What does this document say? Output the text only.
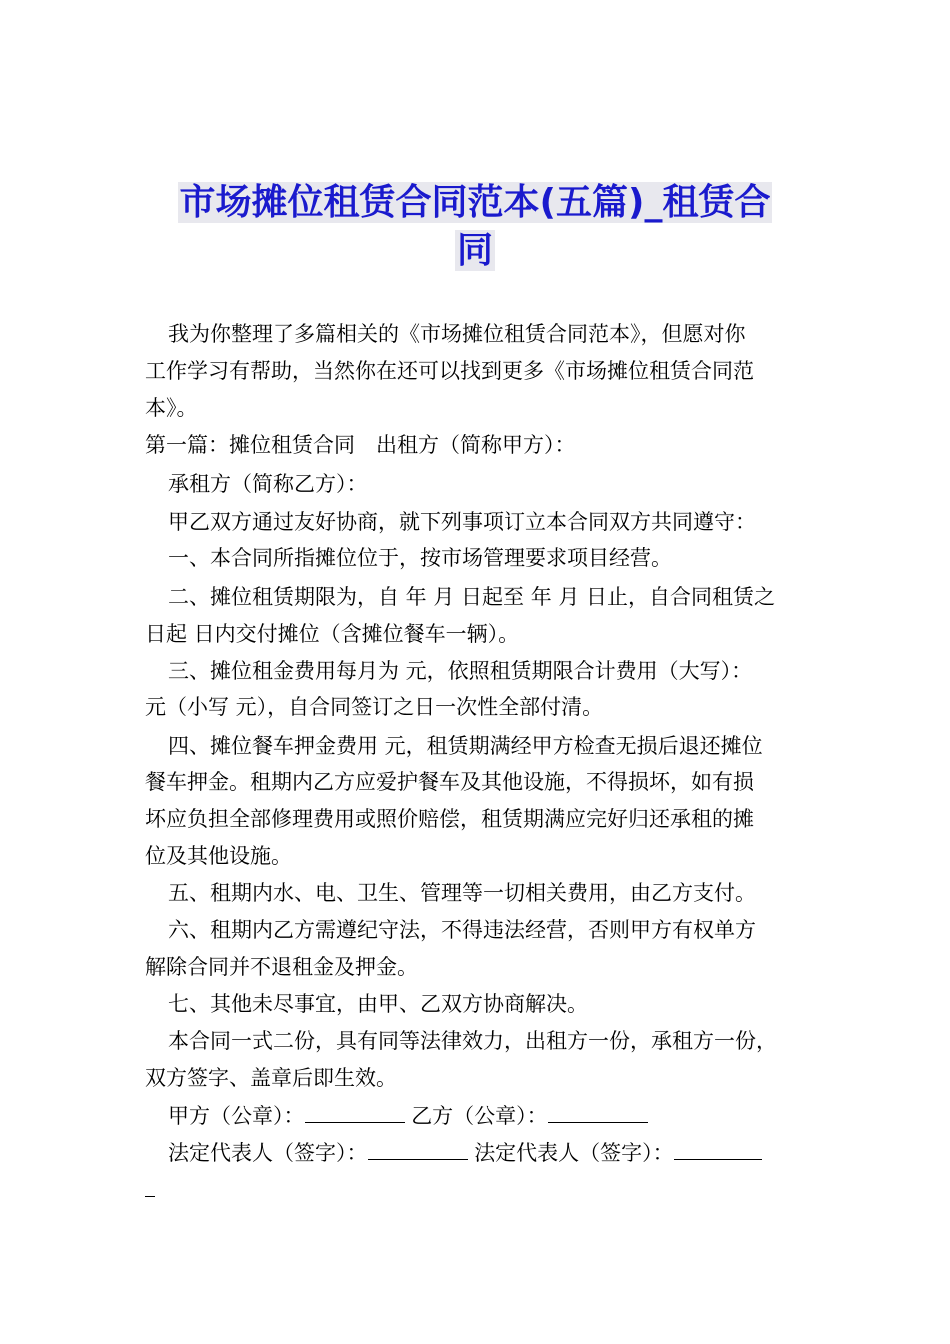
市场摊位租赁合同范本(五篇)_租赁合
同
我为你整理了多篇相关的《市场摊位租赁合同范本》，但愿对你
工作学习有帮助，当然你在还可以找到更多《市场摊位租赁合同范
本》。
第一篇：摊位租赁合同　出租方（简称甲方）：
承租方（简称乙方）：
甲乙双方通过友好协商，就下列事项订立本合同双方共同遵守：
一、本合同所指摊位位于，按市场管理要求项目经营。
二、摊位租赁期限为，自 年 月 日起至 年 月 日止，自合同租赁之
日起 日内交付摊位（含摊位餐车一辆）。
三、摊位租金费用每月为 元，依照租赁期限合计费用（大写）：
元（小写 元），自合同签订之日一次性全部付清。
四、摊位餐车押金费用 元，租赁期满经甲方检查无损后退还摊位
餐车押金。租期内乙方应爱护餐车及其他设施，不得损坏，如有损
坏应负担全部修理费用或照价赔偿，租赁期满应完好归还承租的摊
位及其他设施。
五、租期内水、电、卫生、管理等一切相关费用，由乙方支付。
六、租期内乙方需遵纪守法，不得违法经营，否则甲方有权单方
解除合同并不退租金及押金。
七、其他未尽事宜，由甲、乙双方协商解决。
本合同一式二份，具有同等法律效力，出租方一份，承租方一份，
双方签字、盖章后即生效。
甲方（公章）：	乙方（公章）：
法定代表人（签字）：	法定代表人（签字）：
